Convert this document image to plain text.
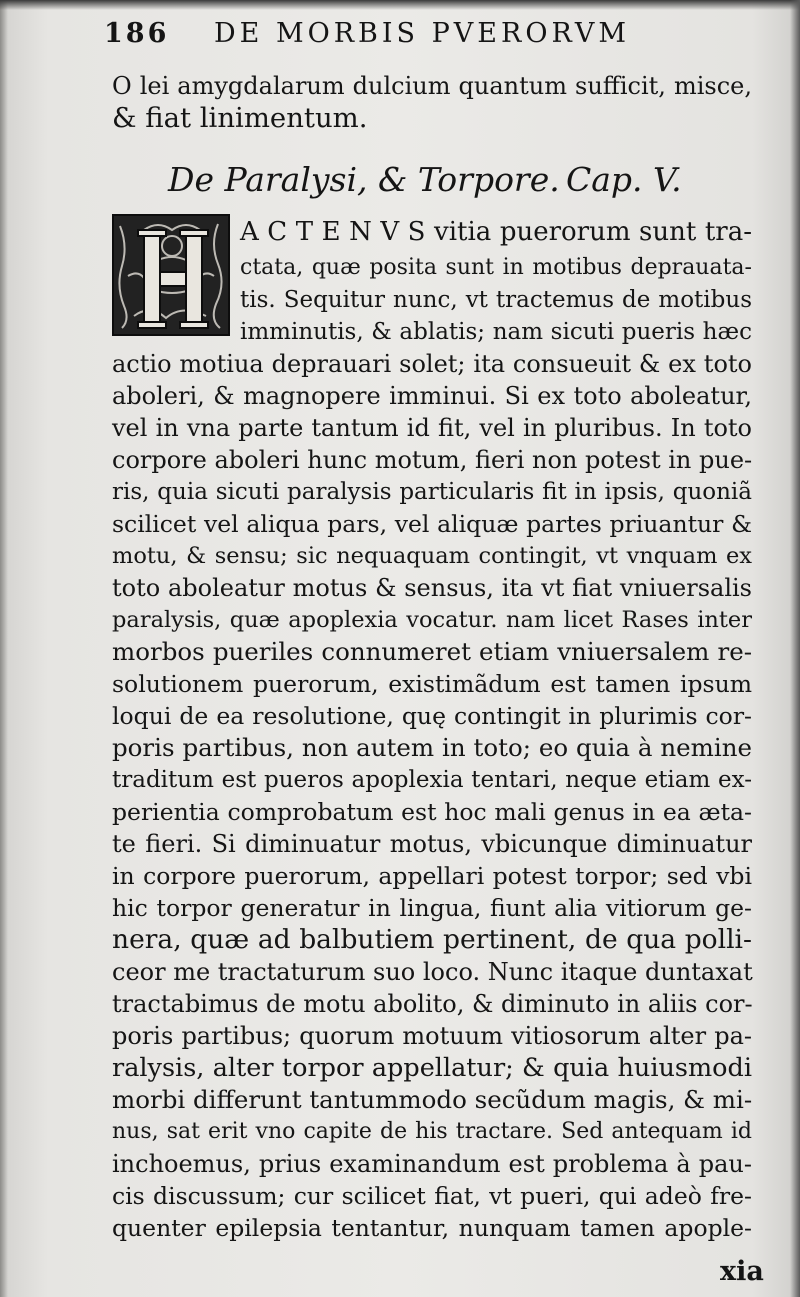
186 DE MORBIS PVERORVM
O lei amygdalarum dulcium quantum sufficit, misce,
& fiat linimentum.
De Paralysi, & Torpore. Cap. V.
A C T E N V S vitia puerorum sunt tra-
ctata, quæ posita sunt in motibus deprauata-
tis. Sequitur nunc, vt tractemus de motibus
imminutis, & ablatis; nam sicuti pueris hæc
actio motiua deprauari solet; ita consueuit & ex toto
aboleri, & magnopere imminui. Si ex toto aboleatur,
vel in vna parte tantum id fit, vel in pluribus. In toto
corpore aboleri hunc motum, fieri non potest in pue-
ris, quia sicuti paralysis particularis fit in ipsis, quoniã
scilicet vel aliqua pars, vel aliquæ partes priuantur &
motu, & sensu; sic nequaquam contingit, vt vnquam ex
toto aboleatur motus & sensus, ita vt fiat vniuersalis
paralysis, quæ apoplexia vocatur. nam licet Rases inter
morbos pueriles connumeret etiam vniuersalem re-
solutionem puerorum, existimãdum est tamen ipsum
loqui de ea resolutione, quę contingit in plurimis cor-
poris partibus, non autem in toto; eo quia à nemine
traditum est pueros apoplexia tentari, neque etiam ex-
perientia comprobatum est hoc mali genus in ea æta-
te fieri. Si diminuatur motus, vbicunque diminuatur
in corpore puerorum, appellari potest torpor; sed vbi
hic torpor generatur in lingua, fiunt alia vitiorum ge-
nera, quæ ad balbutiem pertinent, de qua polli-
ceor me tractaturum suo loco. Nunc itaque duntaxat
tractabimus de motu abolito, & diminuto in aliis cor-
poris partibus; quorum motuum vitiosorum alter pa-
ralysis, alter torpor appellatur; & quia huiusmodi
morbi differunt tantummodo secũdum magis, & mi-
nus, sat erit vno capite de his tractare. Sed antequam id
inchoemus, prius examinandum est problema à pau-
cis discussum; cur scilicet fiat, vt pueri, qui adeò fre-
quenter epilepsia tentantur, nunquam tamen apople-
xia
